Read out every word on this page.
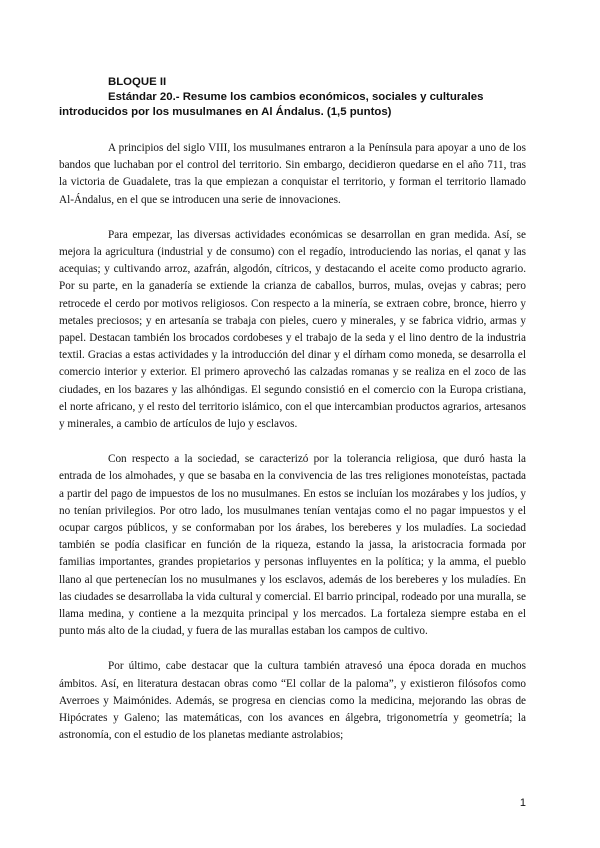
BLOQUE II

Estándar 20.- Resume los cambios económicos, sociales y culturales

introducidos por los musulmanes en Al Ándalus. (1,5 puntos)

A principios del siglo VIII, los musulmanes entraron a la Península para apoyar a uno de los bandos que luchaban por el control del territorio. Sin embargo, decidieron quedarse en el año 711, tras la victoria de Guadalete, tras la que empiezan a conquistar el territorio, y forman el territorio llamado Al-Ándalus, en el que se introducen una serie de innovaciones.

Para empezar, las diversas actividades económicas se desarrollan en gran medida. Así, se mejora la agricultura (industrial y de consumo) con el regadío, introduciendo las norias, el qanat y las acequias; y cultivando arroz, azafrán, algodón, cítricos, y destacando el aceite como producto agrario. Por su parte, en la ganadería se extiende la crianza de caballos, burros, mulas, ovejas y cabras; pero retrocede el cerdo por motivos religiosos. Con respecto a la minería, se extraen cobre, bronce, hierro y metales preciosos; y en artesanía se trabaja con pieles, cuero y minerales, y se fabrica vidrio, armas y papel. Destacan también los brocados cordobeses y el trabajo de la seda y el lino dentro de la industria textil. Gracias a estas actividades y la introducción del dinar y el dírham como moneda, se desarrolla el comercio interior y exterior. El primero aprovechó las calzadas romanas y se realiza en el zoco de las ciudades, en los bazares y las alhóndigas. El segundo consistió en el comercio con la Europa cristiana, el norte africano, y el resto del territorio islámico, con el que intercambian productos agrarios, artesanos y minerales, a cambio de artículos de lujo y esclavos.

Con respecto a la sociedad, se caracterizó por la tolerancia religiosa, que duró hasta la entrada de los almohades, y que se basaba en la convivencia de las tres religiones monoteístas, pactada a partir del pago de impuestos de los no musulmanes. En estos se incluían los mozárabes y los judíos, y no tenían privilegios. Por otro lado, los musulmanes tenían ventajas como el no pagar impuestos y el ocupar cargos públicos, y se conformaban por los árabes, los bereberes y los muladíes. La sociedad también se podía clasificar en función de la riqueza, estando la jassa, la aristocracia formada por familias importantes, grandes propietarios y personas influyentes en la política; y la amma, el pueblo llano al que pertenecían los no musulmanes y los esclavos, además de los bereberes y los muladíes. En las ciudades se desarrollaba la vida cultural y comercial. El barrio principal, rodeado por una muralla, se llama medina, y contiene a la mezquita principal y los mercados. La fortaleza siempre estaba en el punto más alto de la ciudad, y fuera de las murallas estaban los campos de cultivo.

Por último, cabe destacar que la cultura también atravesó una época dorada en muchos ámbitos. Así, en literatura destacan obras como “El collar de la paloma”, y existieron filósofos como Averroes y Maimónides. Además, se progresa en ciencias como la medicina, mejorando las obras de Hipócrates y Galeno; las matemáticas, con los avances en álgebra, trigonometría y geometría; la astronomía, con el estudio de los planetas mediante astrolabios;

1
